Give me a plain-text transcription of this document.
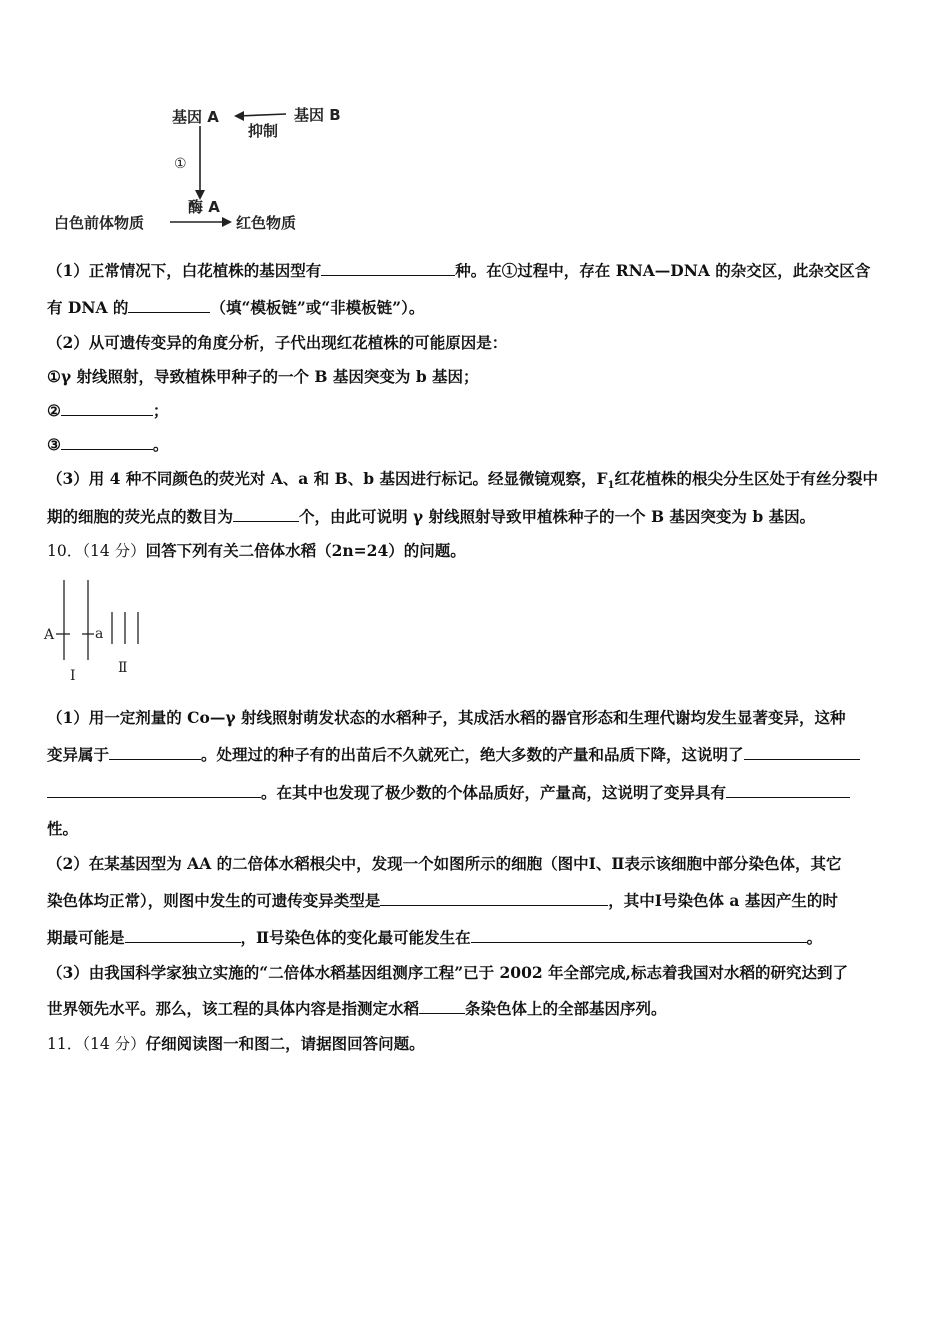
基因 A	基因 B
抑制
①
酶 A
白色前体物质	红色物质
（1）正常情况下，白花植株的基因型有	种。在①过程中，存在 RNA—DNA 的杂交区，此杂交区含
有 DNA 的	（填“模板链”或“非模板链”）。
（2）从可遗传变异的角度分析，子代出现红花植株的可能原因是：
①γ 射线照射，导致植株甲种子的一个 B 基因突变为 b 基因；
②	；
③	。
（3）用 4 种不同颜色的荧光对 A、a 和 B、b 基因进行标记。经显微镜观察，$F_1$红花植株的根尖分生区处于有丝分裂中
期的细胞的荧光点的数目为	个，由此可说明 γ 射线照射导致甲植株种子的一个 B 基因突变为 b 基因。
10．（14 分）回答下列有关二倍体水稻（2n=24）的问题。
A	a
Ⅰ	Ⅱ
（1）用一定剂量的 Co—γ 射线照射萌发状态的水稻种子，其成活水稻的器官形态和生理代谢均发生显著变异，这种
变异属于	。处理过的种子有的出苗后不久就死亡，绝大多数的产量和品质下降，这说明了
。在其中也发现了极少数的个体品质好，产量高，这说明了变异具有
性。
（2）在某基因型为 AA 的二倍体水稻根尖中，发现一个如图所示的细胞（图中Ⅰ、Ⅱ表示该细胞中部分染色体，其它
染色体均正常），则图中发生的可遗传变异类型是	，其中Ⅰ号染色体 a 基因产生的时
期最可能是	，Ⅱ号染色体的变化最可能发生在	。
（3）由我国科学家独立实施的“二倍体水稻基因组测序工程”已于 2002 年全部完成,标志着我国对水稻的研究达到了
世界领先水平。那么，该工程的具体内容是指测定水稻	条染色体上的全部基因序列。
11．（14 分）仔细阅读图一和图二，请据图回答问题。
